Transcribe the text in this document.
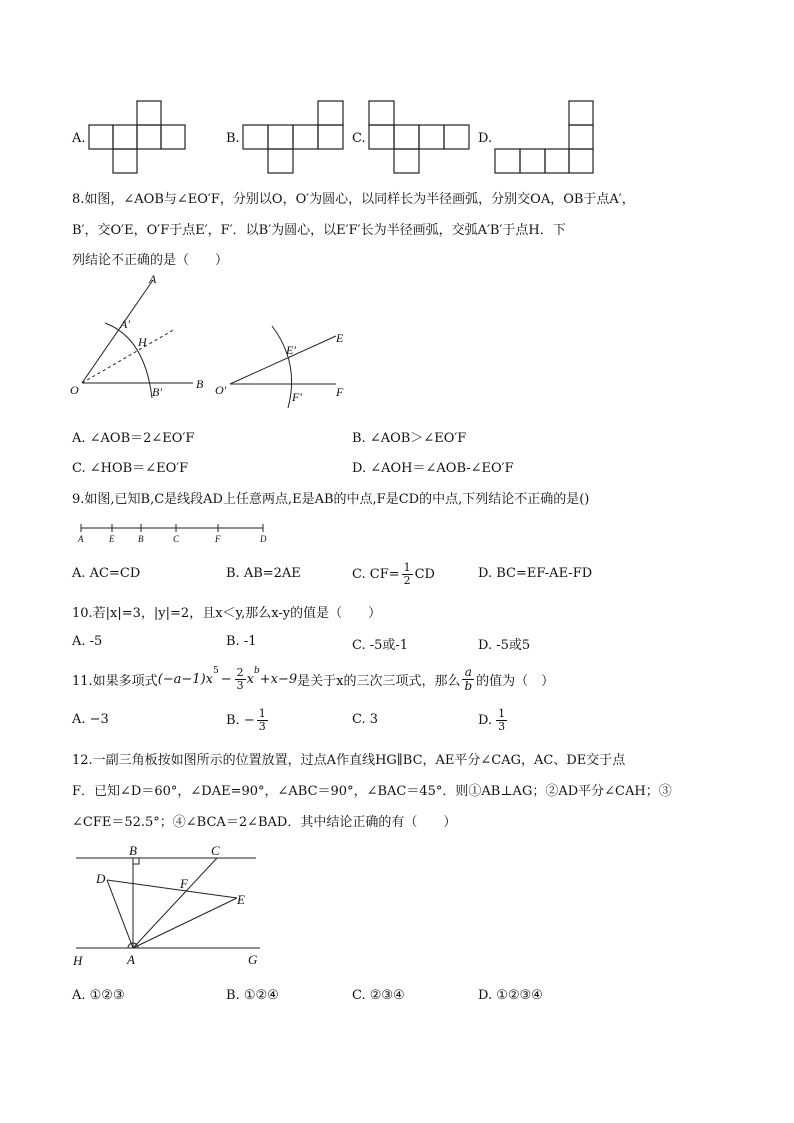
A.	B.	C.	D.
8.如图，∠AOB与∠EO′F，分别以O，O′为圆心，以同样长为半径画弧，分别交OA，OB于点A′，
B′，交O′E，O′F于点E′，F′．以B′为圆心，以E′F′长为半径画弧，交弧A′B′于点H．下
列结论不正确的是（　　）
A
A′
H
O	B′
B
E
E′
O′	F′	F
A. ∠AOB＝2∠EO′F	B. ∠AOB＞∠EO′F
C. ∠HOB＝∠EO′F	D. ∠AOH＝∠AOB-∠EO′F
9.如图,已知B,C是线段AD上任意两点,E是AB的中点,F是CD的中点,下列结论不正确的是()
A	E	B	C	F	D
A. AC=CD	B. AB=2AE	C. $CF= \frac{1}{2}$ CD	D. BC=EF-AE-FD
10.若|x|=3，|y|=2，且x＜y,那么x-y的值是（　　）
A. -5	B. -1	C. -5或-1	D. -5或5
11.如果多项式 (−a−1)x
$^5$
− $\frac{2}{3}$ x
$^b$
+x−9 是关于x的三次三项式，那么 $\frac{a}{b}$ 的值为（　）
A. −3	B. − $\frac{1}{3}$	C. 3	D. $\frac{1}{3}$
12.一副三角板按如图所示的位置放置，过点A作直线HG∥BC，AE平分∠CAG，AC、DE交于点
F．已知∠D＝60°，∠DAE=90°，∠ABC＝90°，∠BAC＝45°．则①AB⊥AG；②AD平分∠CAH；③
∠CFE＝52.5°；④∠BCA＝2∠BAD．其中结论正确的有（　　）
B	C
D	F
E
H	A	G
A. ①②③	B. ①②④	C. ②③④	D. ①②③④
